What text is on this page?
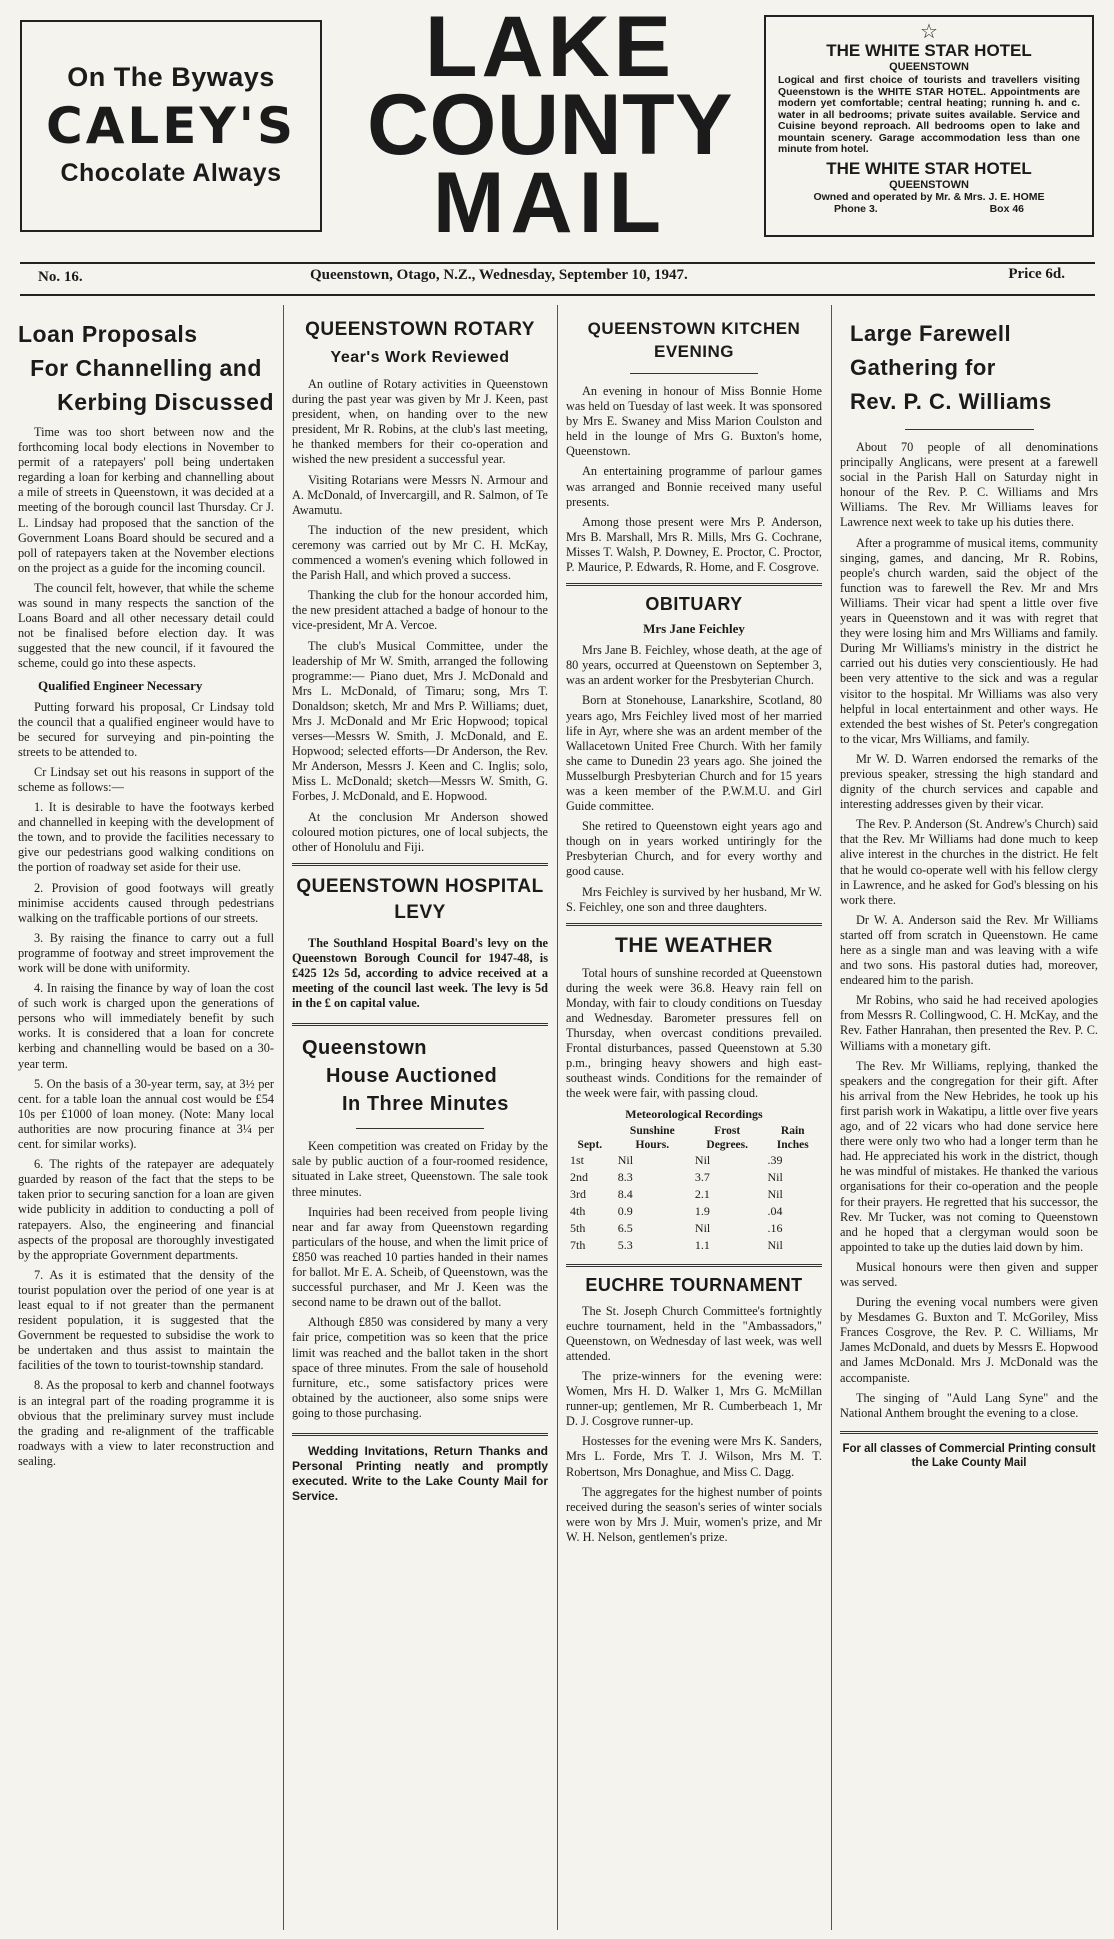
On The Byways
CALEY'S
Chocolate Always
LAKE
COUNTY
MAIL
☆
THE WHITE STAR HOTEL
QUEENSTOWN
Logical and first choice of tourists and travellers visiting Queenstown is the WHITE STAR HOTEL. Appointments are modern yet comfortable; central heating; running h. and c. water in all bedrooms; private suites available. Service and Cuisine beyond reproach. All bedrooms open to lake and mountain scenery. Garage accommodation less than one minute from hotel.
THE WHITE STAR HOTEL
QUEENSTOWN
Owned and operated by Mr. & Mrs. J. E. HOME
Phone 3.	Box 46
No. 16.	Queenstown, Otago, N.Z., Wednesday, September 10, 1947.	Price 6d.
Loan Proposals
For Channelling and
Kerbing Discussed

Time was too short between now and the forthcoming local body elections in November to permit of a ratepayers' poll being undertaken regarding a loan for kerbing and channelling about a mile of streets in Queenstown, it was decided at a meeting of the borough council last Thursday. Cr J. L. Lindsay had proposed that the sanction of the Government Loans Board should be secured and a poll of ratepayers taken at the November elections on the project as a guide for the incoming council.

The council felt, however, that while the scheme was sound in many respects the sanction of the Loans Board and all other necessary detail could not be finalised before election day. It was suggested that the new council, if it favoured the scheme, could go into these aspects.

Qualified Engineer Necessary

Putting forward his proposal, Cr Lindsay told the council that a qualified engineer would have to be secured for surveying and pin-pointing the streets to be attended to.

Cr Lindsay set out his reasons in support of the scheme as follows:—

1. It is desirable to have the footways kerbed and channelled in keeping with the development of the town, and to provide the facilities necessary to give our pedestrians good walking conditions on the portion of roadway set aside for their use.

2. Provision of good footways will greatly minimise accidents caused through pedestrians walking on the trafficable portions of our streets.

3. By raising the finance to carry out a full programme of footway and street improvement the work will be done with uniformity.

4. In raising the finance by way of loan the cost of such work is charged upon the generations of persons who will immediately benefit by such works. It is considered that a loan for concrete kerbing and channelling would be based on a 30-year term.

5. On the basis of a 30-year term, say, at 3½ per cent. for a table loan the annual cost would be £54 10s per £1000 of loan money. (Note: Many local authorities are now procuring finance at 3¼ per cent. for similar works).

6. The rights of the ratepayer are adequately guarded by reason of the fact that the steps to be taken prior to securing sanction for a loan are given wide publicity in addition to conducting a poll of ratepayers. Also, the engineering and financial aspects of the proposal are thoroughly investigated by the appropriate Government departments.

7. As it is estimated that the density of the tourist population over the period of one year is at least equal to if not greater than the permanent resident population, it is suggested that the Government be requested to subsidise the work to be undertaken and thus assist to maintain the facilities of the town to tourist-township standard.

8. As the proposal to kerb and channel footways is an integral part of the roading programme it is obvious that the preliminary survey must include the grading and re-alignment of the trafficable roadways with a view to later reconstruction and sealing.

QUEENSTOWN ROTARY
Year's Work Reviewed

An outline of Rotary activities in Queenstown during the past year was given by Mr J. Keen, past president, when, on handing over to the new president, Mr R. Robins, at the club's last meeting, he thanked members for their co-operation and wished the new president a successful year.

Visiting Rotarians were Messrs N. Armour and A. McDonald, of Invercargill, and R. Salmon, of Te Awamutu.

The induction of the new president, which ceremony was carried out by Mr C. H. McKay, commenced a women's evening which followed in the Parish Hall, and which proved a success.

Thanking the club for the honour accorded him, the new president attached a badge of honour to the vice-president, Mr A. Vercoe.

The club's Musical Committee, under the leadership of Mr W. Smith, arranged the following programme:— Piano duet, Mrs J. McDonald and Mrs L. McDonald, of Timaru; song, Mrs T. Donaldson; sketch, Mr and Mrs P. Williams; duet, Mrs J. McDonald and Mr Eric Hopwood; topical verses—Messrs W. Smith, J. McDonald, and E. Hopwood; selected efforts—Dr Anderson, the Rev. Mr Anderson, Messrs J. Keen and C. Inglis; solo, Miss L. McDonald; sketch—Messrs W. Smith, G. Forbes, J. McDonald, and E. Hopwood.

At the conclusion Mr Anderson showed coloured motion pictures, one of local subjects, the other of Honolulu and Fiji.

QUEENSTOWN HOSPITAL LEVY

The Southland Hospital Board's levy on the Queenstown Borough Council for 1947-48, is £425 12s 5d, according to advice received at a meeting of the council last week. The levy is 5d in the £ on capital value.

Queenstown
House Auctioned
In Three Minutes

Keen competition was created on Friday by the sale by public auction of a four-roomed residence, situated in Lake street, Queenstown. The sale took three minutes.

Inquiries had been received from people living near and far away from Queenstown regarding particulars of the house, and when the limit price of £850 was reached 10 parties handed in their names for ballot. Mr E. A. Scheib, of Queenstown, was the successful purchaser, and Mr J. Keen was the second name to be drawn out of the ballot.

Although £850 was considered by many a very fair price, competition was so keen that the price limit was reached and the ballot taken in the short space of three minutes. From the sale of household furniture, etc., some satisfactory prices were obtained by the auctioneer, also some snips were going to those purchasing.

Wedding Invitations, Return Thanks and Personal Printing neatly and promptly executed. Write to the Lake County Mail for Service.

QUEENSTOWN KITCHEN EVENING

An evening in honour of Miss Bonnie Home was held on Tuesday of last week. It was sponsored by Mrs E. Swaney and Miss Marion Coulston and held in the lounge of Mrs G. Buxton's home, Queenstown.

An entertaining programme of parlour games was arranged and Bonnie received many useful presents.

Among those present were Mrs P. Anderson, Mrs B. Marshall, Mrs R. Mills, Mrs G. Cochrane, Misses T. Walsh, P. Downey, E. Proctor, C. Proctor, P. Maurice, P. Edwards, R. Home, and F. Cosgrove.

OBITUARY
Mrs Jane Feichley

Mrs Jane B. Feichley, whose death, at the age of 80 years, occurred at Queenstown on September 3, was an ardent worker for the Presbyterian Church.

Born at Stonehouse, Lanarkshire, Scotland, 80 years ago, Mrs Feichley lived most of her married life in Ayr, where she was an ardent member of the Wallacetown United Free Church. With her family she came to Dunedin 23 years ago. She joined the Musselburgh Presbyterian Church and for 15 years was a keen member of the P.W.M.U. and Girl Guide committee.

She retired to Queenstown eight years ago and though on in years worked untiringly for the Presbyterian Church, and for every worthy and good cause.

Mrs Feichley is survived by her husband, Mr W. S. Feichley, one son and three daughters.

THE WEATHER

Total hours of sunshine recorded at Queenstown during the week were 36.8. Heavy rain fell on Monday, with fair to cloudy conditions on Tuesday and Wednesday. Barometer pressures fell on Thursday, when overcast conditions prevailed. Frontal disturbances, passed Queenstown at 5.30 p.m., bringing heavy showers and high east-southeast winds. Conditions for the remainder of the week were fair, with passing cloud.

Meteorological Recordings
	Sunshine	Frost	Rain
Sept.	Hours.	Degrees.	Inches
1st	Nil	Nil	.39
2nd	8.3	3.7	Nil
3rd	8.4	2.1	Nil
4th	0.9	1.9	.04
5th	6.5	Nil	.16
7th	5.3	1.1	Nil
EUCHRE TOURNAMENT

The St. Joseph Church Committee's fortnightly euchre tournament, held in the "Ambassadors," Queenstown, on Wednesday of last week, was well attended.

The prize-winners for the evening were: Women, Mrs H. D. Walker 1, Mrs G. McMillan runner-up; gentlemen, Mr R. Cumberbeach 1, Mr D. J. Cosgrove runner-up.

Hostesses for the evening were Mrs K. Sanders, Mrs L. Forde, Mrs T. J. Wilson, Mrs M. T. Robertson, Mrs Donaghue, and Miss C. Dagg.

The aggregates for the highest number of points received during the season's series of winter socials were won by Mrs J. Muir, women's prize, and Mr W. H. Nelson, gentlemen's prize.

Large Farewell
Gathering for
Rev. P. C. Williams

About 70 people of all denominations principally Anglicans, were present at a farewell social in the Parish Hall on Saturday night in honour of the Rev. P. C. Williams and Mrs Williams. The Rev. Mr Williams leaves for Lawrence next week to take up his duties there.

After a programme of musical items, community singing, games, and dancing, Mr R. Robins, people's church warden, said the object of the function was to farewell the Rev. Mr and Mrs Williams. Their vicar had spent a little over five years in Queenstown and it was with regret that they were losing him and Mrs Williams and family. During Mr Williams's ministry in the district he carried out his duties very conscientiously. He had been very attentive to the sick and was a regular visitor to the hospital. Mr Williams was also very helpful in local entertainment and other ways. He extended the best wishes of St. Peter's congregation to the vicar, Mrs Williams, and family.

Mr W. D. Warren endorsed the remarks of the previous speaker, stressing the high standard and dignity of the church services and capable and interesting addresses given by their vicar.

The Rev. P. Anderson (St. Andrew's Church) said that the Rev. Mr Williams had done much to keep alive interest in the churches in the district. He felt that he would co-operate well with his fellow clergy in Lawrence, and he asked for God's blessing on his work there.

Dr W. A. Anderson said the Rev. Mr Williams started off from scratch in Queenstown. He came here as a single man and was leaving with a wife and two sons. His pastoral duties had, moreover, endeared him to the parish.

Mr Robins, who said he had received apologies from Messrs R. Collingwood, C. H. McKay, and the Rev. Father Hanrahan, then presented the Rev. P. C. Williams with a monetary gift.

The Rev. Mr Williams, replying, thanked the speakers and the congregation for their gift. After his arrival from the New Hebrides, he took up his first parish work in Wakatipu, a little over five years ago, and of 22 vicars who had done service here there were only two who had a longer term than he had. He appreciated his work in the district, though he was mindful of mistakes. He thanked the various organisations for their co-operation and the people for their prayers. He regretted that his successor, the Rev. Mr Tucker, was not coming to Queenstown and he hoped that a clergyman would soon be appointed to take up the duties laid down by him.

Musical honours were then given and supper was served.

During the evening vocal numbers were given by Mesdames G. Buxton and T. McGoriley, Miss Frances Cosgrove, the Rev. P. C. Williams, Mr James McDonald, and duets by Messrs E. Hopwood and James McDonald. Mrs J. McDonald was the accompaniste.

The singing of "Auld Lang Syne" and the National Anthem brought the evening to a close.

For all classes of Commercial Printing consult the Lake County Mail
